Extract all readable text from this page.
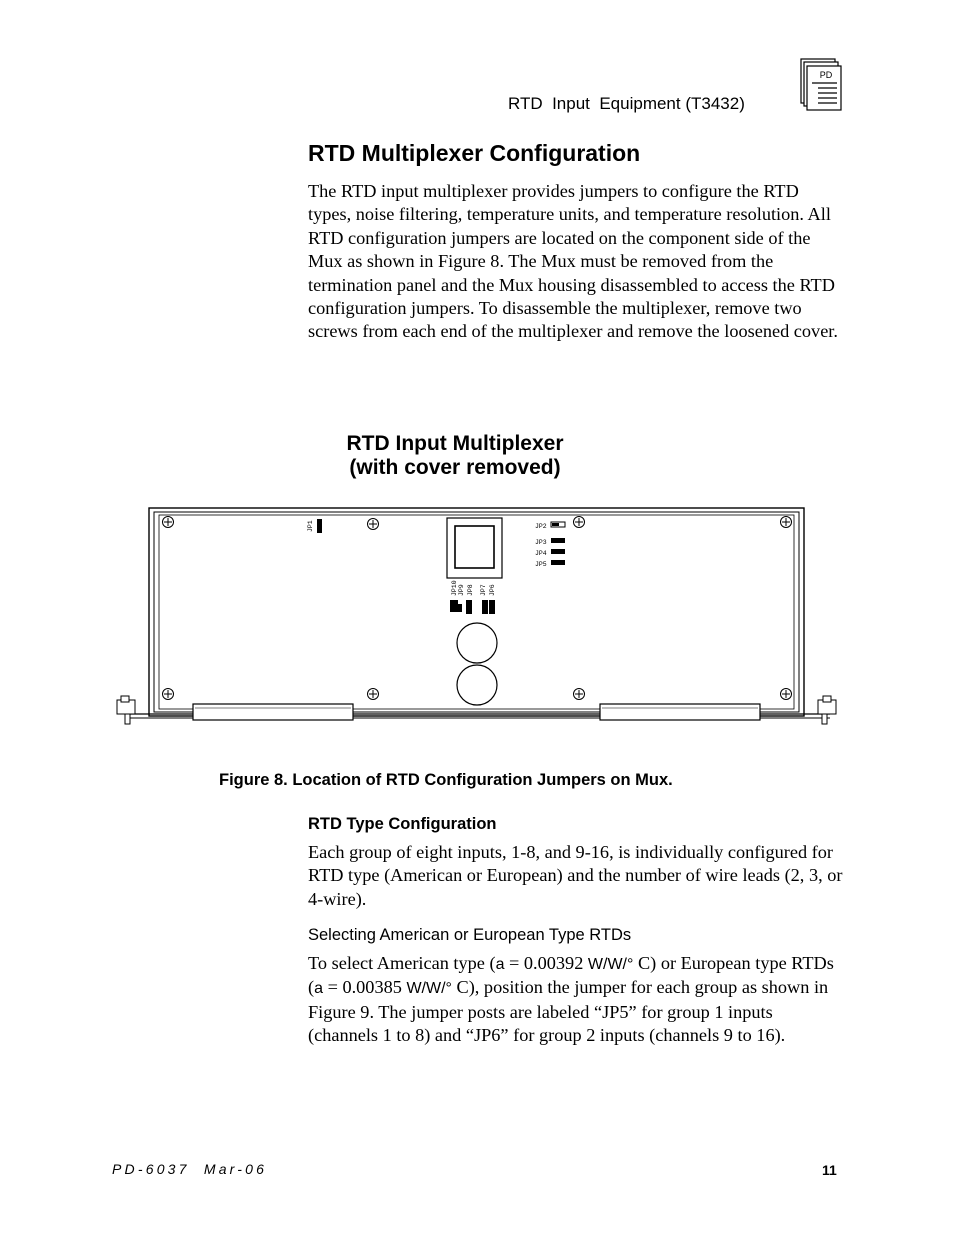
RTD  Input  Equipment (T3432)
PD
RTD Multiplexer Configuration
The RTD input multiplexer provides jumpers to configure the RTD types, noise filtering, temperature units, and temperature resolution. All RTD configuration jumpers are located on the component side of the Mux as shown in Figure 8. The Mux must be removed from the termination panel and the Mux housing disassembled to access the RTD configuration jumpers. To disassemble the multiplexer, remove two screws from each end of the multiplexer and remove the loosened cover.
RTD Input Multiplexer
(with cover removed)
JP1	JP2
JP3
JP4
JP5
JP10 JP9 JP8 JP7 JP6
Figure 8. Location of RTD Configuration Jumpers on Mux.
RTD Type Configuration
Each group of eight inputs, 1-8, and 9-16, is individually configured for RTD type (American or European) and the number of wire leads (2, 3, or 4-wire).
Selecting American or European Type RTDs
To select American type (a = 0.00392 W/W/° C) or European type RTDs (a = 0.00385 W/W/° C), position the jumper for each group as shown in Figure 9. The jumper posts are labeled “JP5” for group 1 inputs (channels 1 to 8) and “JP6” for group 2 inputs (channels 9 to 16).
PD-6037  Mar-06	11
